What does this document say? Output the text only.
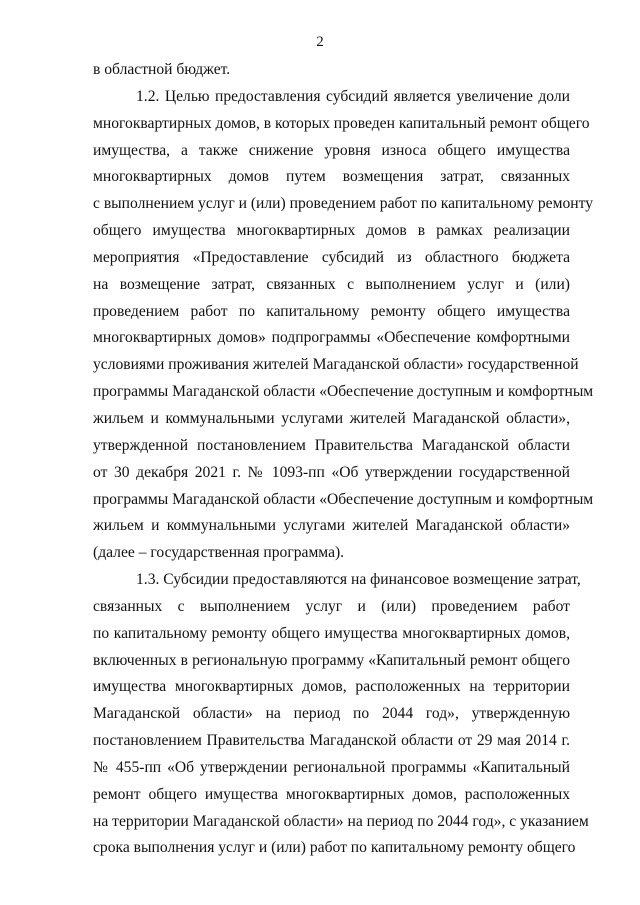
2
в областной бюджет.
1.2. Целью предоставления субсидий является увеличение доли
многоквартирных домов, в которых проведен капитальный ремонт общего
имущества, а также снижение уровня износа общего имущества
многоквартирных домов путем возмещения затрат, связанных
с выполнением услуг и (или) проведением работ по капитальному ремонту
общего имущества многоквартирных домов в рамках реализации
мероприятия «Предоставление субсидий из областного бюджета
на возмещение затрат, связанных с выполнением услуг и (или)
проведением работ по капитальному ремонту общего имущества
многоквартирных домов» подпрограммы «Обеспечение комфортными
условиями проживания жителей Магаданской области» государственной
программы Магаданской области «Обеспечение доступным и комфортным
жильем и коммунальными услугами жителей Магаданской области»,
утвержденной постановлением Правительства Магаданской области
от 30 декабря 2021 г. № 1093-пп «Об утверждении государственной
программы Магаданской области «Обеспечение доступным и комфортным
жильем и коммунальными услугами жителей Магаданской области»
(далее – государственная программа).
1.3. Субсидии предоставляются на финансовое возмещение затрат,
связанных с выполнением услуг и (или) проведением работ
по капитальному ремонту общего имущества многоквартирных домов,
включенных в региональную программу «Капитальный ремонт общего
имущества многоквартирных домов, расположенных на территории
Магаданской области» на период по 2044 год», утвержденную
постановлением Правительства Магаданской области от 29 мая 2014 г.
№ 455-пп «Об утверждении региональной программы «Капитальный
ремонт общего имущества многоквартирных домов, расположенных
на территории Магаданской области» на период по 2044 год», с указанием
срока выполнения услуг и (или) работ по капитальному ремонту общего
